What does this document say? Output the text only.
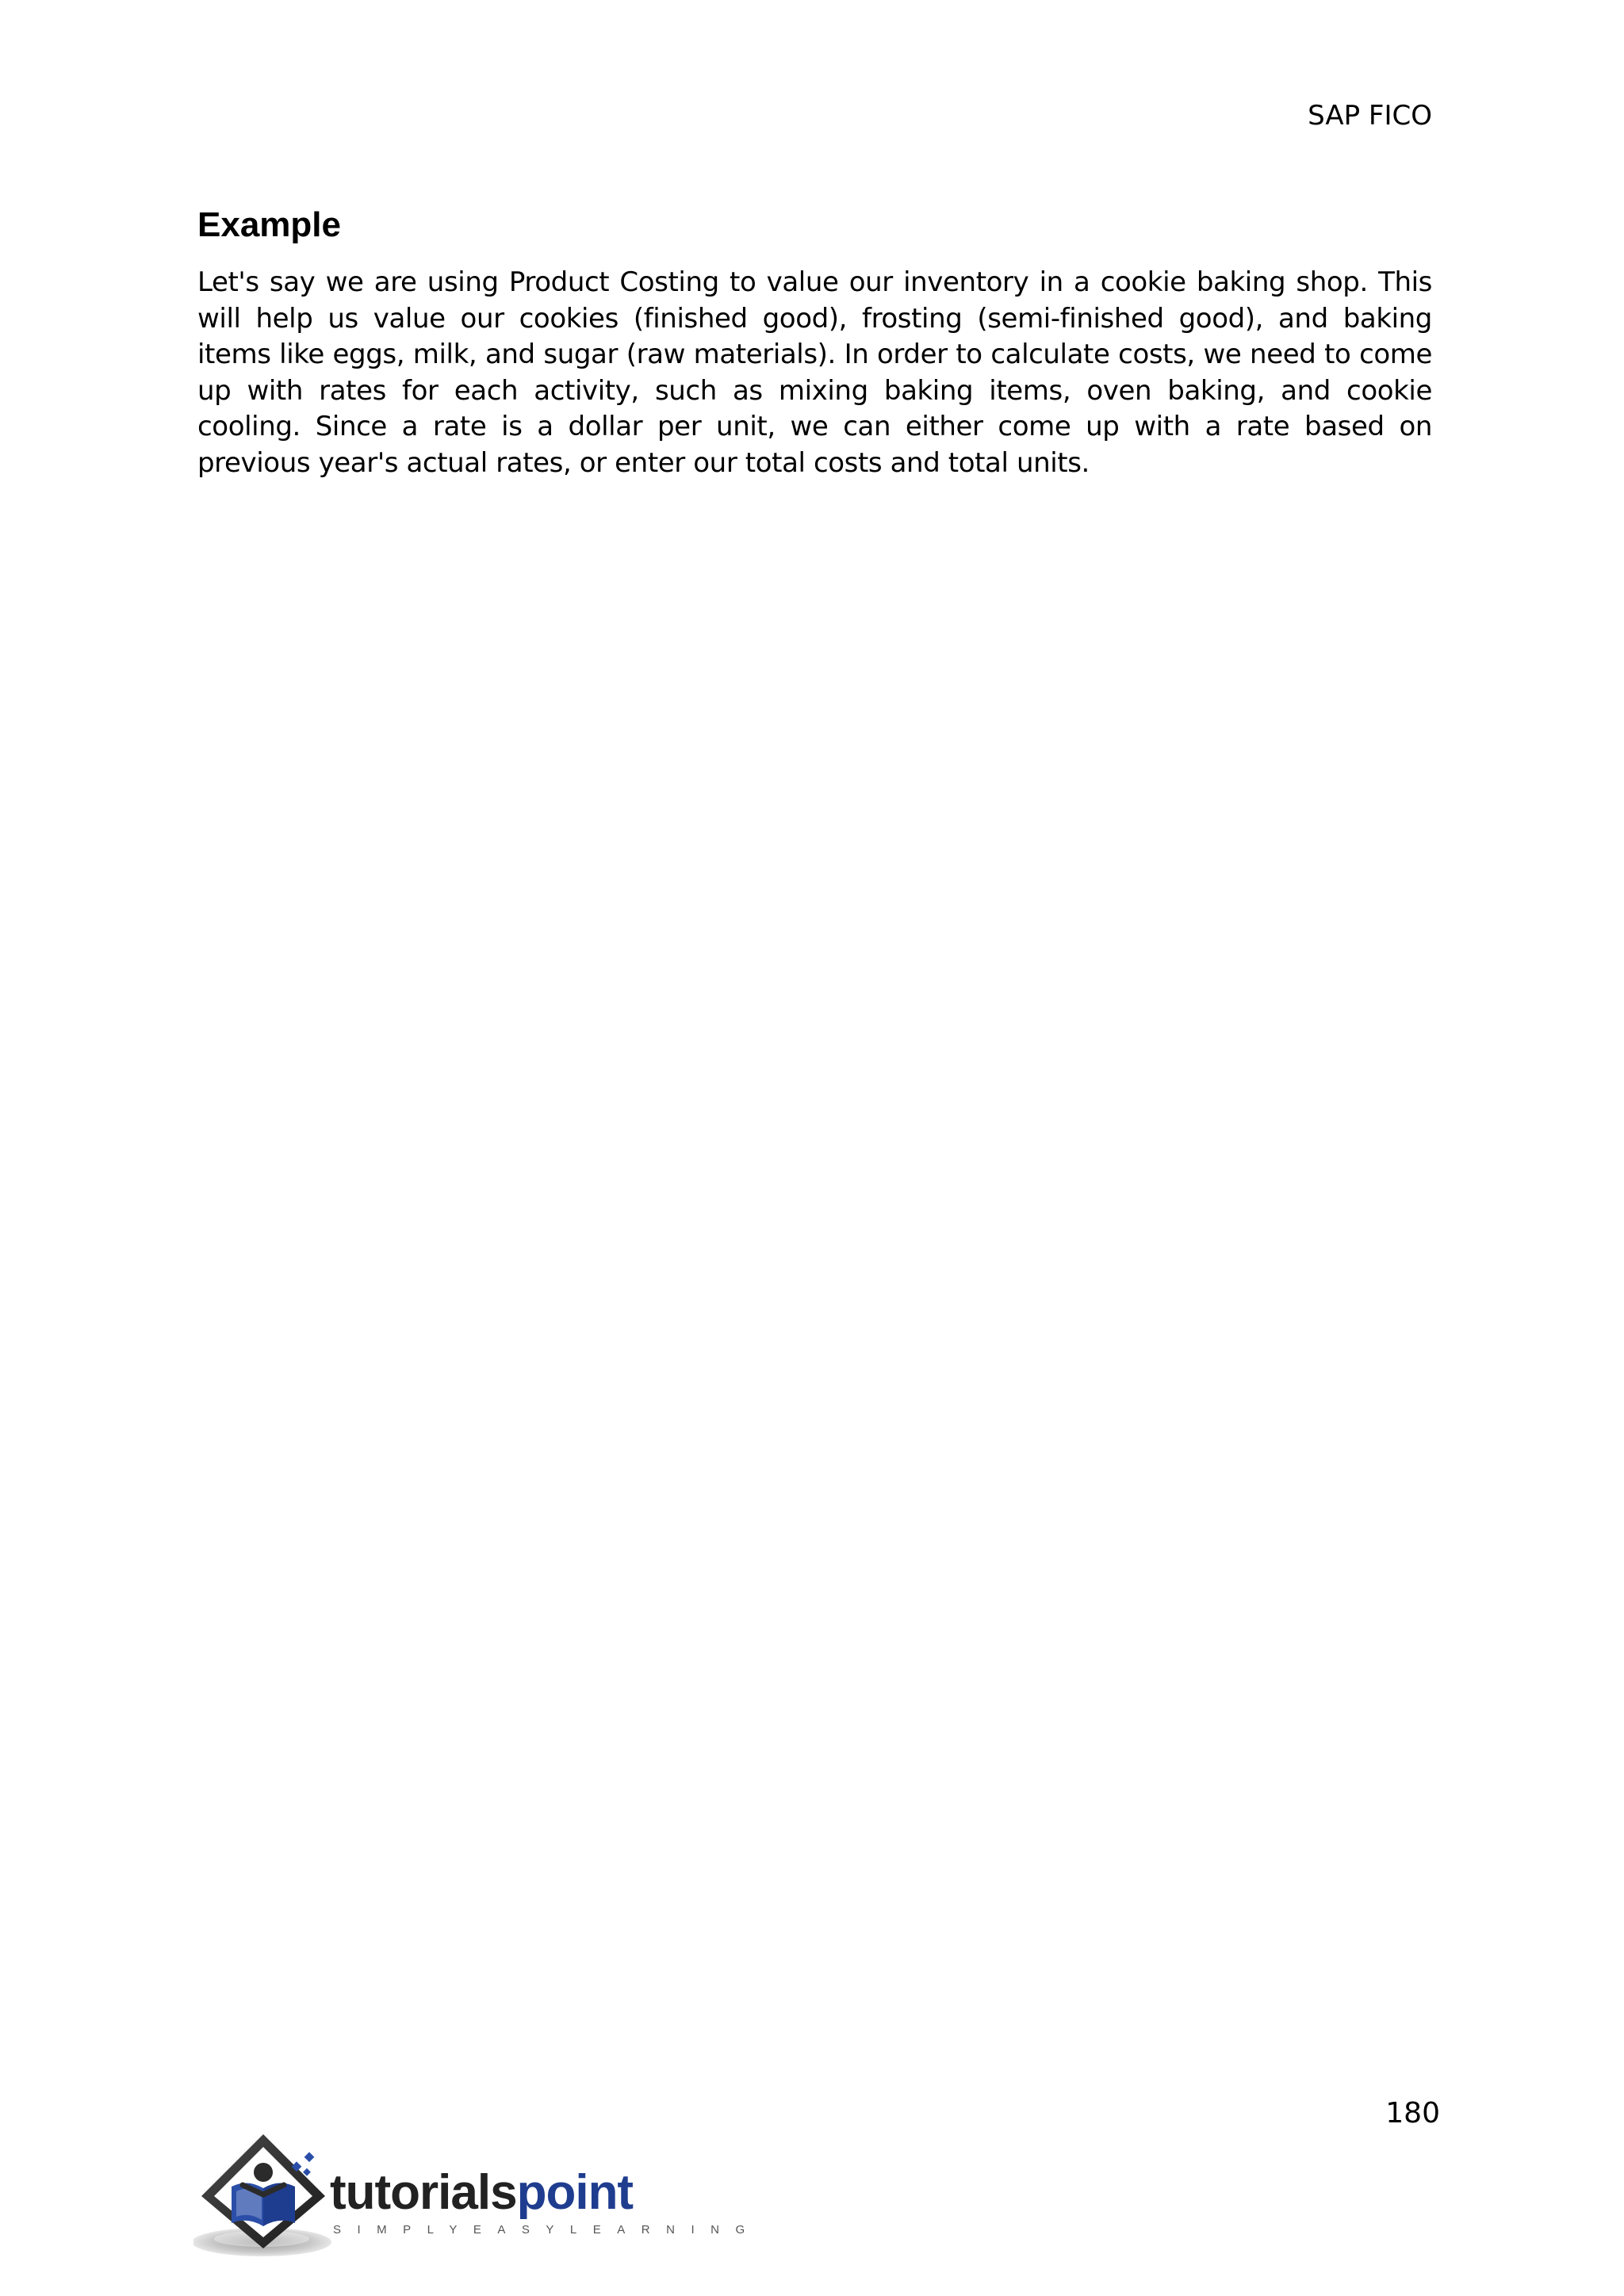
SAP FICO
Example

Let's say we are using Product Costing to value our inventory in a cookie baking shop. This will help us value our cookies (finished good), frosting (semi-finished good), and baking items like eggs, milk, and sugar (raw materials). In order to calculate costs, we need to come up with rates for each activity, such as mixing baking items, oven baking, and cookie cooling. Since a rate is a dollar per unit, we can either come up with a rate based on previous year's actual rates, or enter our total costs and total units.

180
tutorialspoint
SIMPLYEASYLEARNING
